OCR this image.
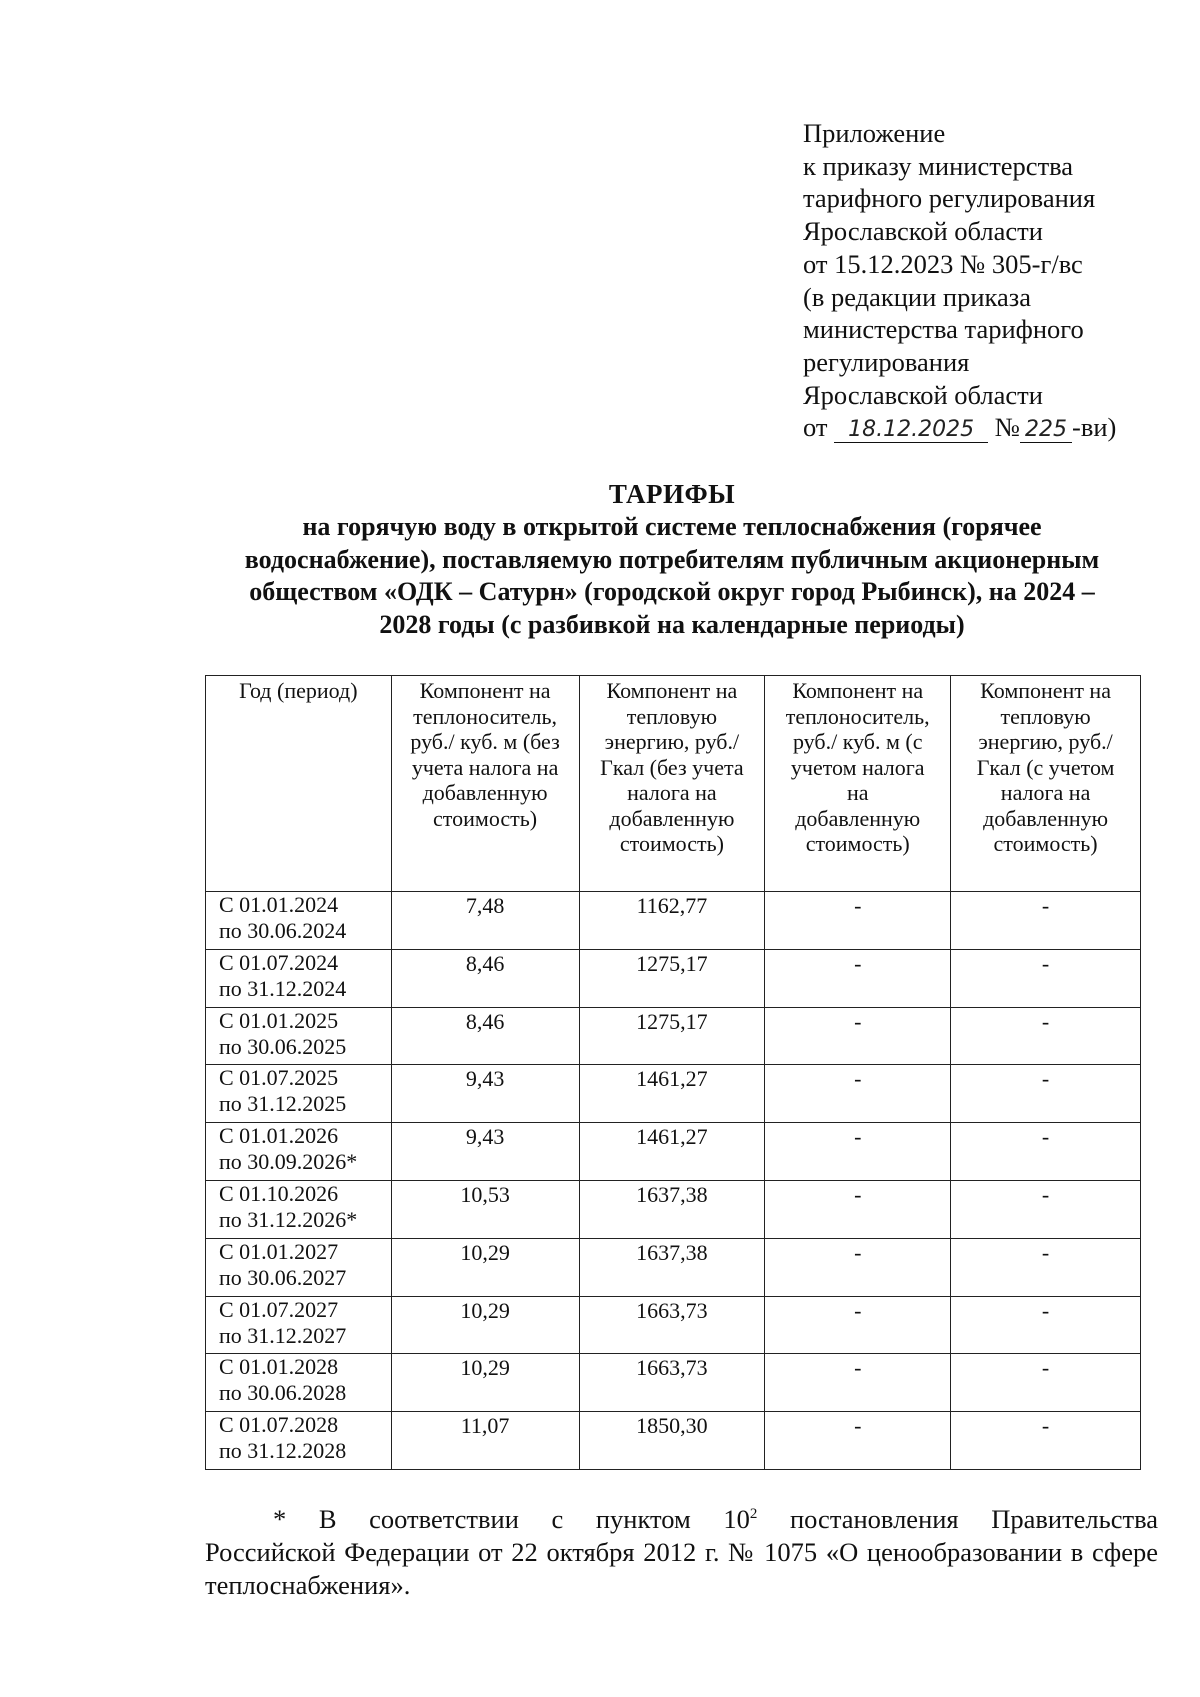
Приложение
к приказу министерства
тарифного регулирования
Ярославской области
от 15.12.2023 № 305-г/вс
(в редакции приказа
министерства тарифного
регулирования
Ярославской области
от 18.12.2025 № 225 -ви)
ТАРИФЫ
на горячую воду в открытой системе теплоснабжения (горячее
водоснабжение), поставляемую потребителям публичным акционерным
обществом «ОДК – Сатурн» (городской округ город Рыбинск), на 2024 –
2028 годы (с разбивкой на календарные периоды)
Год (период)	Компонент на теплоноситель, руб./ куб. м (без учета налога на добавленную стоимость)	Компонент на тепловую энергию, руб./Гкал (без учета налога на добавленную стоимость)	Компонент на теплоноситель, руб./ куб. м (с учетом налога на добавленную стоимость)	Компонент на тепловую энергию, руб./Гкал (с учетом налога на добавленную стоимость)

С 01.01.2024
по 30.06.2024	7,48	1162,77	-	-

С 01.07.2024
по 31.12.2024	8,46	1275,17	-	-

С 01.01.2025
по 30.06.2025	8,46	1275,17	-	-

С 01.07.2025
по 31.12.2025	9,43	1461,27	-	-

С 01.01.2026
по 30.09.2026*	9,43	1461,27	-	-

С 01.10.2026
по 31.12.2026*	10,53	1637,38	-	-

С 01.01.2027
по 30.06.2027	10,29	1637,38	-	-

С 01.07.2027
по 31.12.2027	10,29	1663,73	-	-

С 01.01.2028
по 30.06.2028	10,29	1663,73	-	-

С 01.07.2028
по 31.12.2028	11,07	1850,30	-	-
* В соответствии с пунктом $10^2$ постановления Правительства
Российской Федерации от 22 октября 2012 г. № 1075 «О ценообразовании в сфере теплоснабжения».
